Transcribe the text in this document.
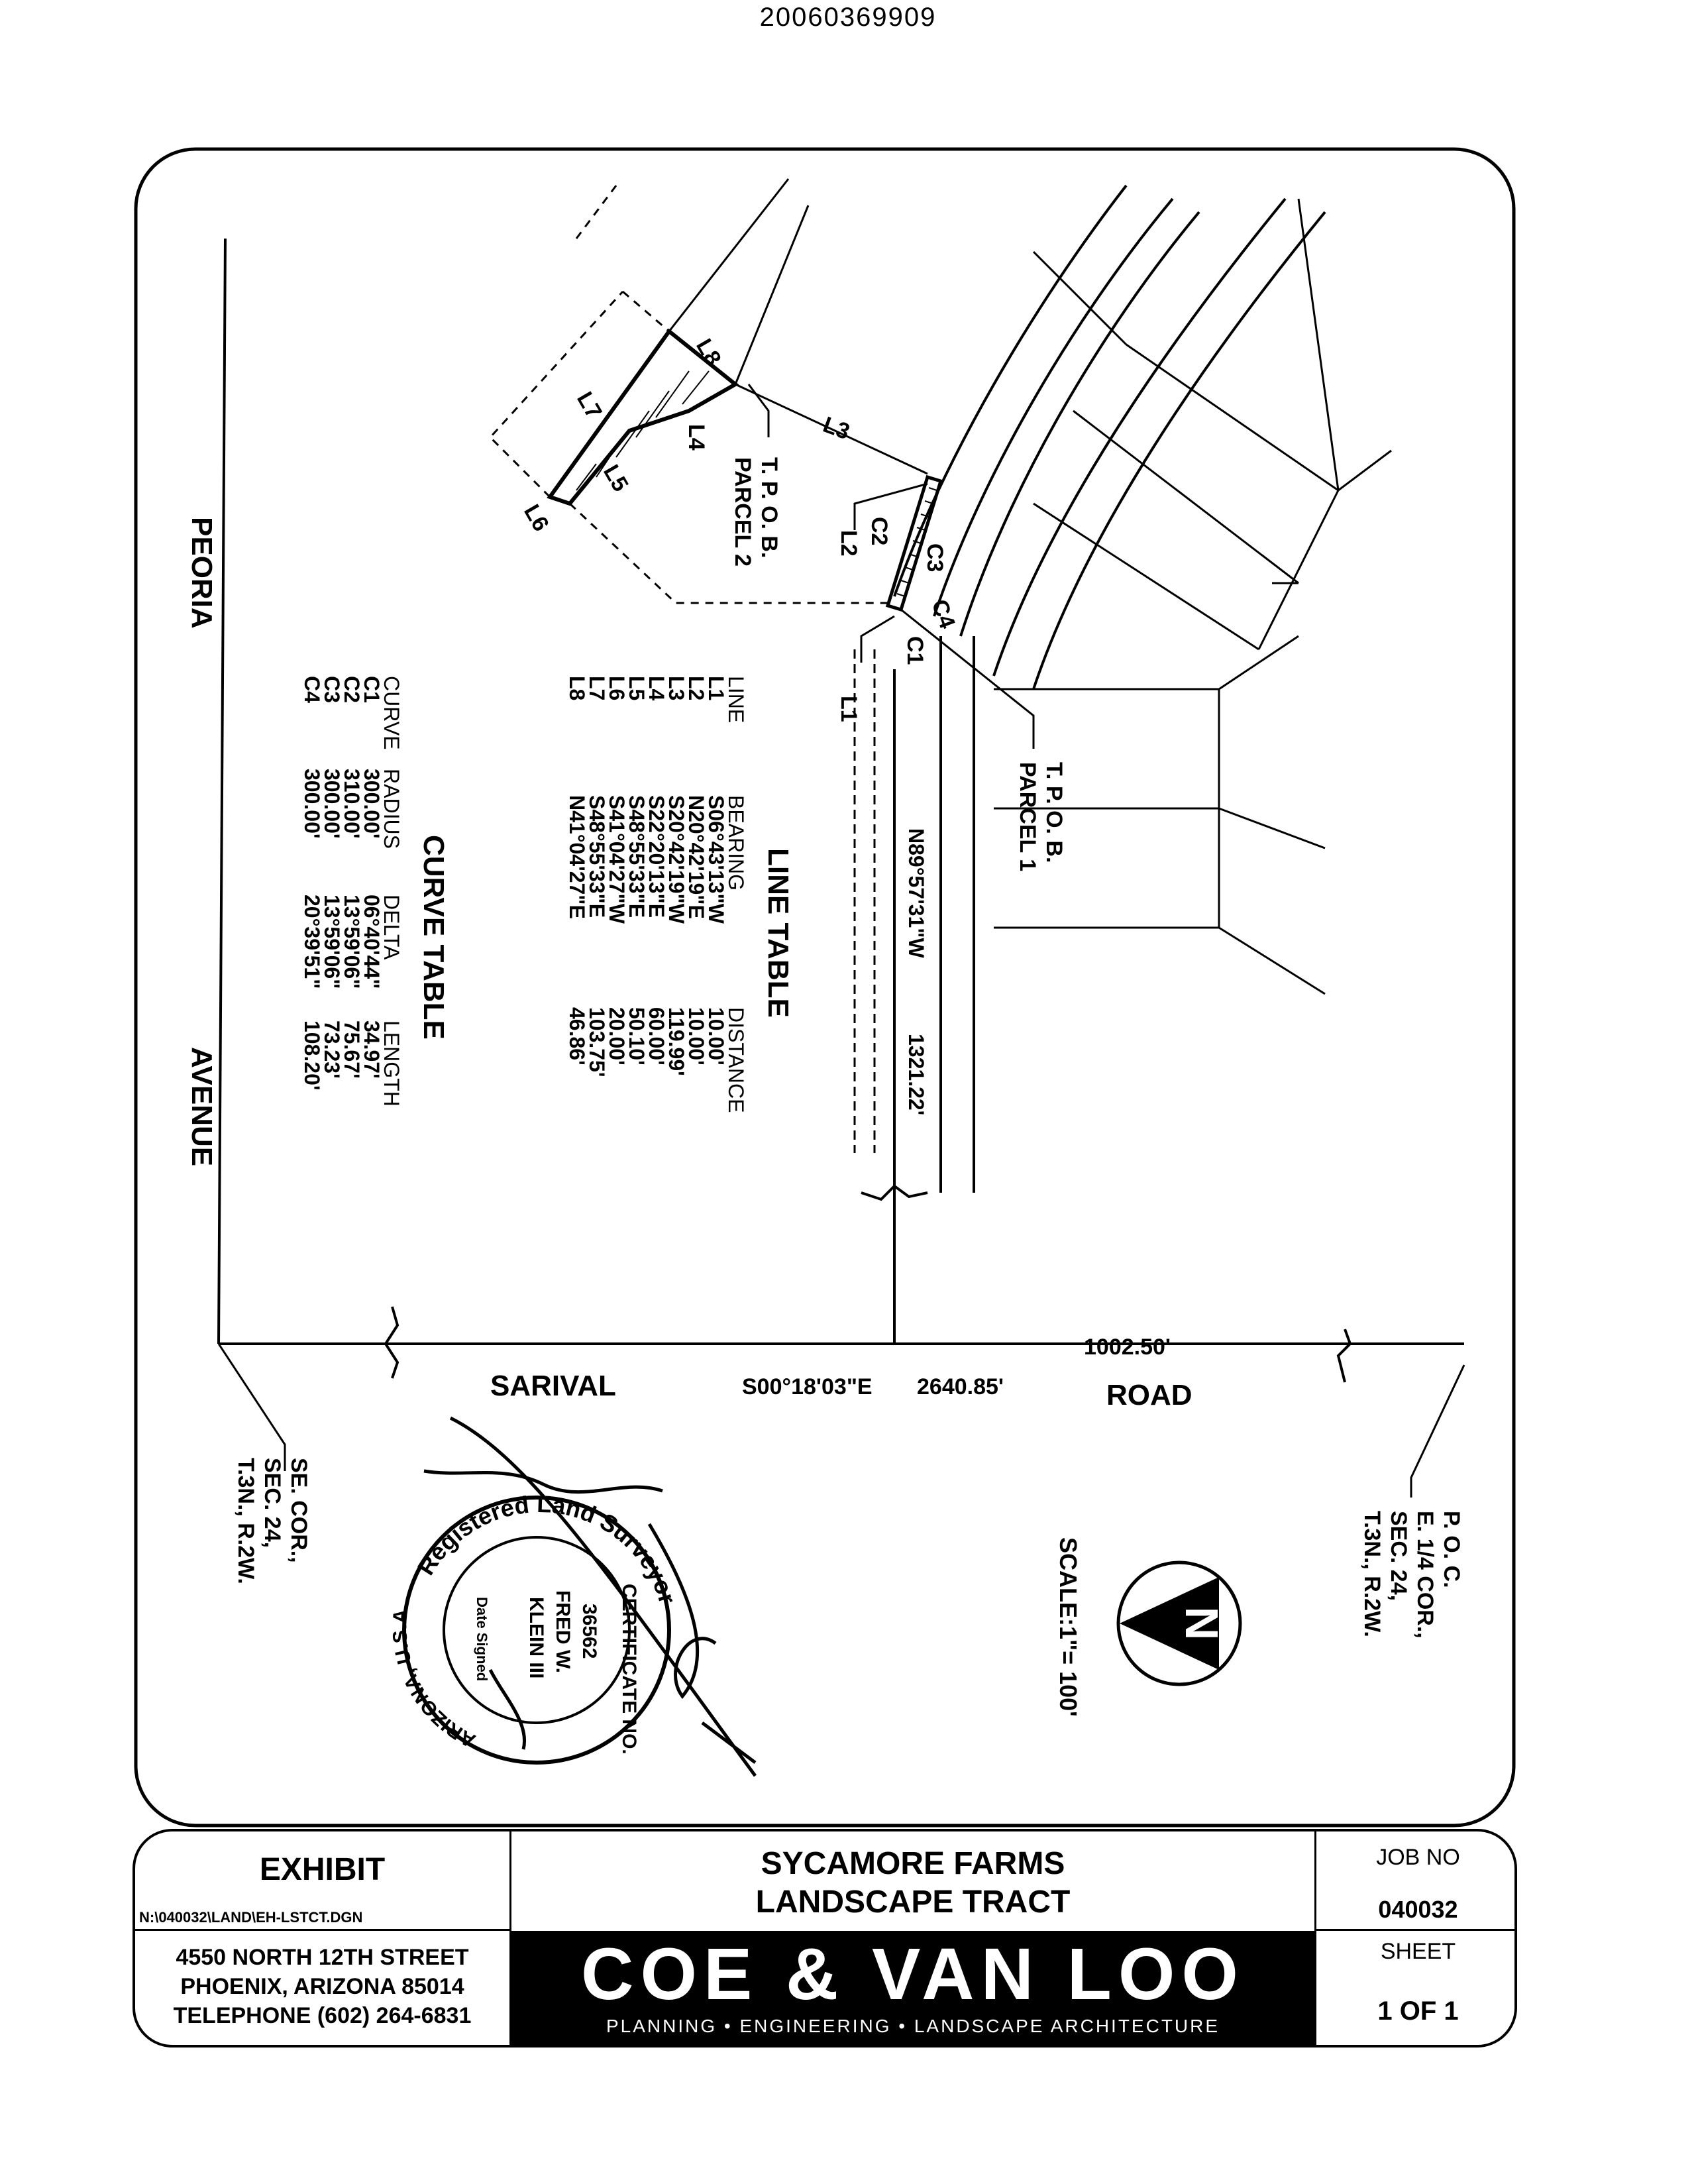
20060369909
L1
L2
L3
L4
L5
L6
L7
L8
C1
C2
C3
C4
T. P. O. B.
PARCEL 2
T. P. O. B.
PARCEL 1
N89°57'31"W
1321.22'
PEORIA
AVENUE
SARIVAL	ROAD
S00°18'03"E 2640.85'
1002.50'
LINE TABLE
LINE
BEARING
DISTANCE
L1
S06°43'13"W
10.00'
L2
N20°42'19"E
10.00'
L3
S20°42'19"W
119.99'
L4
S22°20'13"E
60.00'
L5
S48°55'33"E
50.10'
L6
S41°04'27"W
20.00'
L7
S48°55'33"E
103.75'
L8
N41°04'27"E
46.86'
CURVE TABLE
CURVE
RADIUS
DELTA
LENGTH
C1
300.00'
06°40'44"
34.97'
C2
310.00'
13°59'06"
75.67'
C3
300.00'
13°59'06"
73.23'
C4
300.00'
20°39'51"
108.20'
P. O. C.
E. 1/4 COR.,
SEC. 24,
T.3N., R.2W.
SE. COR.,
SEC. 24,
T.3N., R.2W.
SCALE:1"= 100' N
Registered Land Surveyor
ARIZONA, U.S.A.	CERTIFICATE NO.
36562
FRED W.
KLEIN III
Date Signed
EXHIBIT
N:\040032\LAND\EH-LSTCT.DGN
4550 NORTH 12TH STREET
PHOENIX, ARIZONA 85014
TELEPHONE (602) 264-6831
SYCAMORE FARMS
LANDSCAPE TRACT
COE & VAN LOO
PLANNING • ENGINEERING • LANDSCAPE ARCHITECTURE
JOB NO
040032
SHEET
1 OF 1
